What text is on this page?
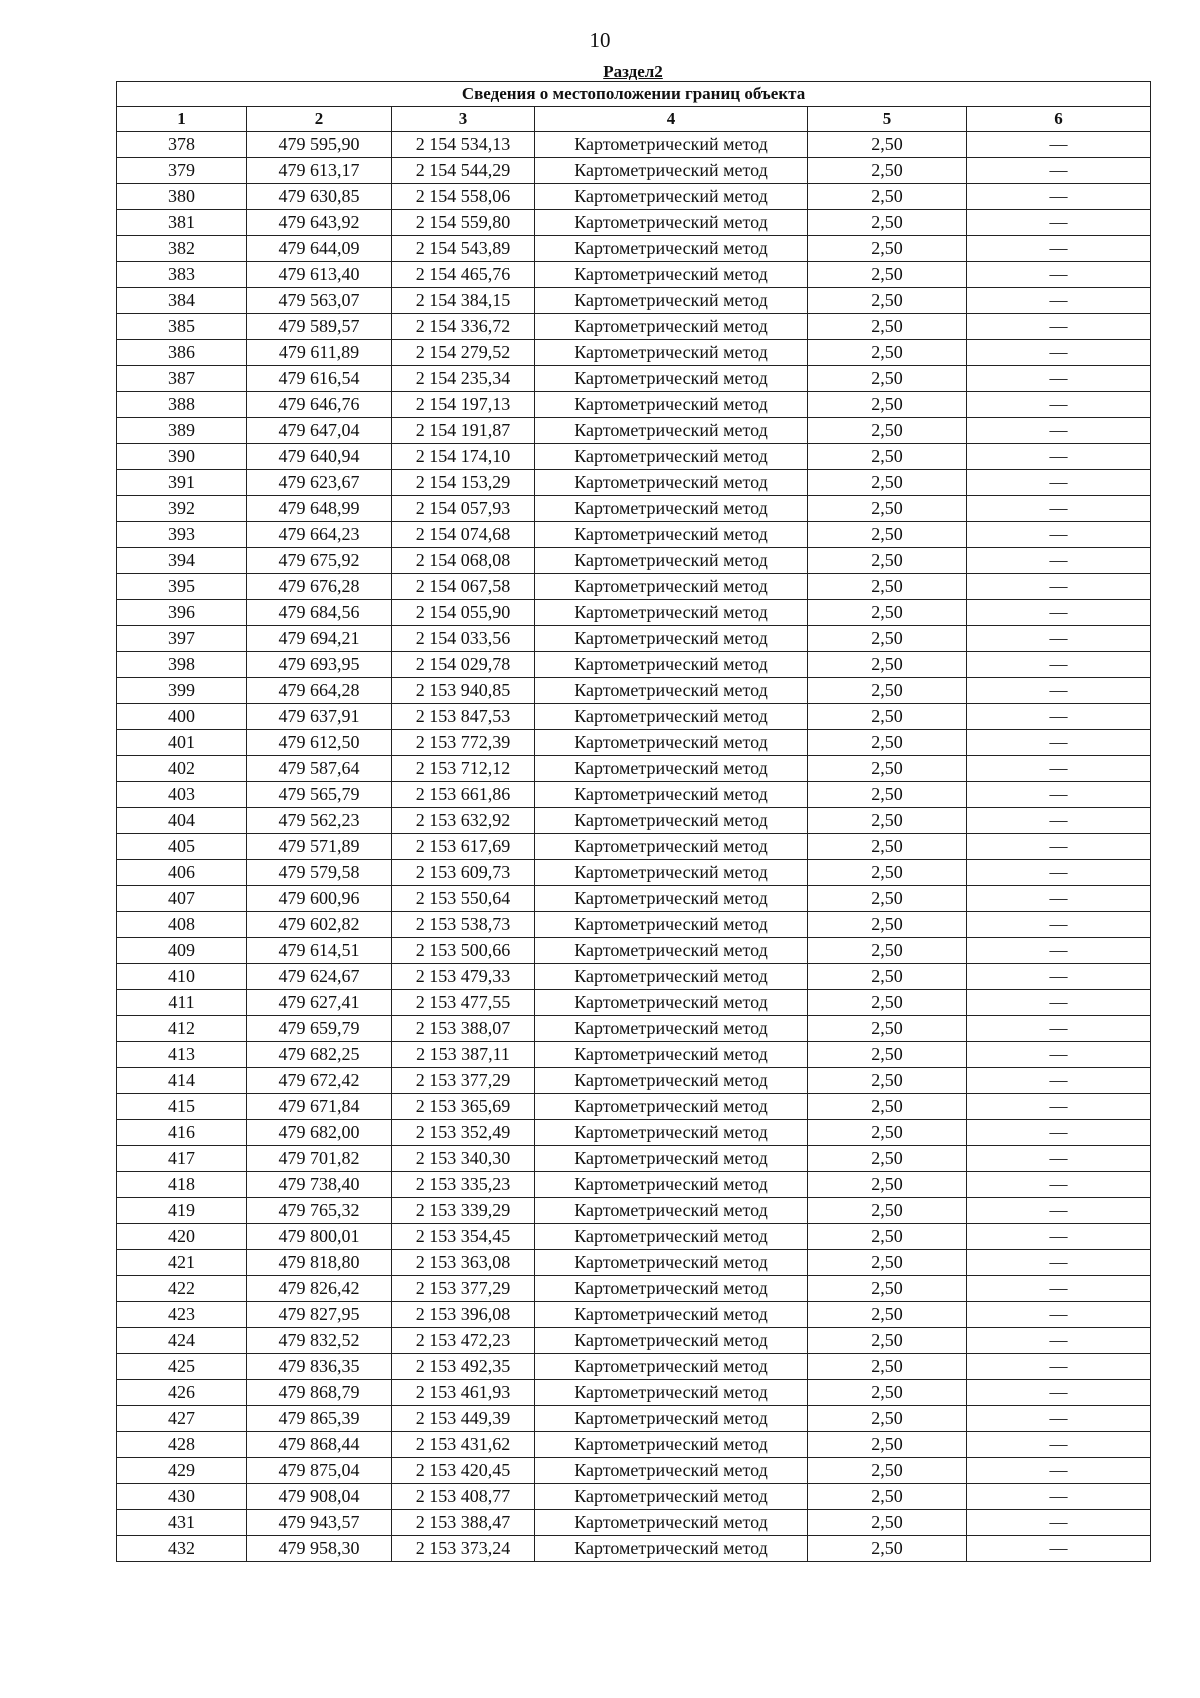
10
Раздел2
Сведения о местоположении границ объекта					
1	2	3	4	5	6
378	479 595,90	2 154 534,13	Картометрический метод	2,50	—
379	479 613,17	2 154 544,29	Картометрический метод	2,50	—
380	479 630,85	2 154 558,06	Картометрический метод	2,50	—
381	479 643,92	2 154 559,80	Картометрический метод	2,50	—
382	479 644,09	2 154 543,89	Картометрический метод	2,50	—
383	479 613,40	2 154 465,76	Картометрический метод	2,50	—
384	479 563,07	2 154 384,15	Картометрический метод	2,50	—
385	479 589,57	2 154 336,72	Картометрический метод	2,50	—
386	479 611,89	2 154 279,52	Картометрический метод	2,50	—
387	479 616,54	2 154 235,34	Картометрический метод	2,50	—
388	479 646,76	2 154 197,13	Картометрический метод	2,50	—
389	479 647,04	2 154 191,87	Картометрический метод	2,50	—
390	479 640,94	2 154 174,10	Картометрический метод	2,50	—
391	479 623,67	2 154 153,29	Картометрический метод	2,50	—
392	479 648,99	2 154 057,93	Картометрический метод	2,50	—
393	479 664,23	2 154 074,68	Картометрический метод	2,50	—
394	479 675,92	2 154 068,08	Картометрический метод	2,50	—
395	479 676,28	2 154 067,58	Картометрический метод	2,50	—
396	479 684,56	2 154 055,90	Картометрический метод	2,50	—
397	479 694,21	2 154 033,56	Картометрический метод	2,50	—
398	479 693,95	2 154 029,78	Картометрический метод	2,50	—
399	479 664,28	2 153 940,85	Картометрический метод	2,50	—
400	479 637,91	2 153 847,53	Картометрический метод	2,50	—
401	479 612,50	2 153 772,39	Картометрический метод	2,50	—
402	479 587,64	2 153 712,12	Картометрический метод	2,50	—
403	479 565,79	2 153 661,86	Картометрический метод	2,50	—
404	479 562,23	2 153 632,92	Картометрический метод	2,50	—
405	479 571,89	2 153 617,69	Картометрический метод	2,50	—
406	479 579,58	2 153 609,73	Картометрический метод	2,50	—
407	479 600,96	2 153 550,64	Картометрический метод	2,50	—
408	479 602,82	2 153 538,73	Картометрический метод	2,50	—
409	479 614,51	2 153 500,66	Картометрический метод	2,50	—
410	479 624,67	2 153 479,33	Картометрический метод	2,50	—
411	479 627,41	2 153 477,55	Картометрический метод	2,50	—
412	479 659,79	2 153 388,07	Картометрический метод	2,50	—
413	479 682,25	2 153 387,11	Картометрический метод	2,50	—
414	479 672,42	2 153 377,29	Картометрический метод	2,50	—
415	479 671,84	2 153 365,69	Картометрический метод	2,50	—
416	479 682,00	2 153 352,49	Картометрический метод	2,50	—
417	479 701,82	2 153 340,30	Картометрический метод	2,50	—
418	479 738,40	2 153 335,23	Картометрический метод	2,50	—
419	479 765,32	2 153 339,29	Картометрический метод	2,50	—
420	479 800,01	2 153 354,45	Картометрический метод	2,50	—
421	479 818,80	2 153 363,08	Картометрический метод	2,50	—
422	479 826,42	2 153 377,29	Картометрический метод	2,50	—
423	479 827,95	2 153 396,08	Картометрический метод	2,50	—
424	479 832,52	2 153 472,23	Картометрический метод	2,50	—
425	479 836,35	2 153 492,35	Картометрический метод	2,50	—
426	479 868,79	2 153 461,93	Картометрический метод	2,50	—
427	479 865,39	2 153 449,39	Картометрический метод	2,50	—
428	479 868,44	2 153 431,62	Картометрический метод	2,50	—
429	479 875,04	2 153 420,45	Картометрический метод	2,50	—
430	479 908,04	2 153 408,77	Картометрический метод	2,50	—
431	479 943,57	2 153 388,47	Картометрический метод	2,50	—
432	479 958,30	2 153 373,24	Картометрический метод	2,50	—
